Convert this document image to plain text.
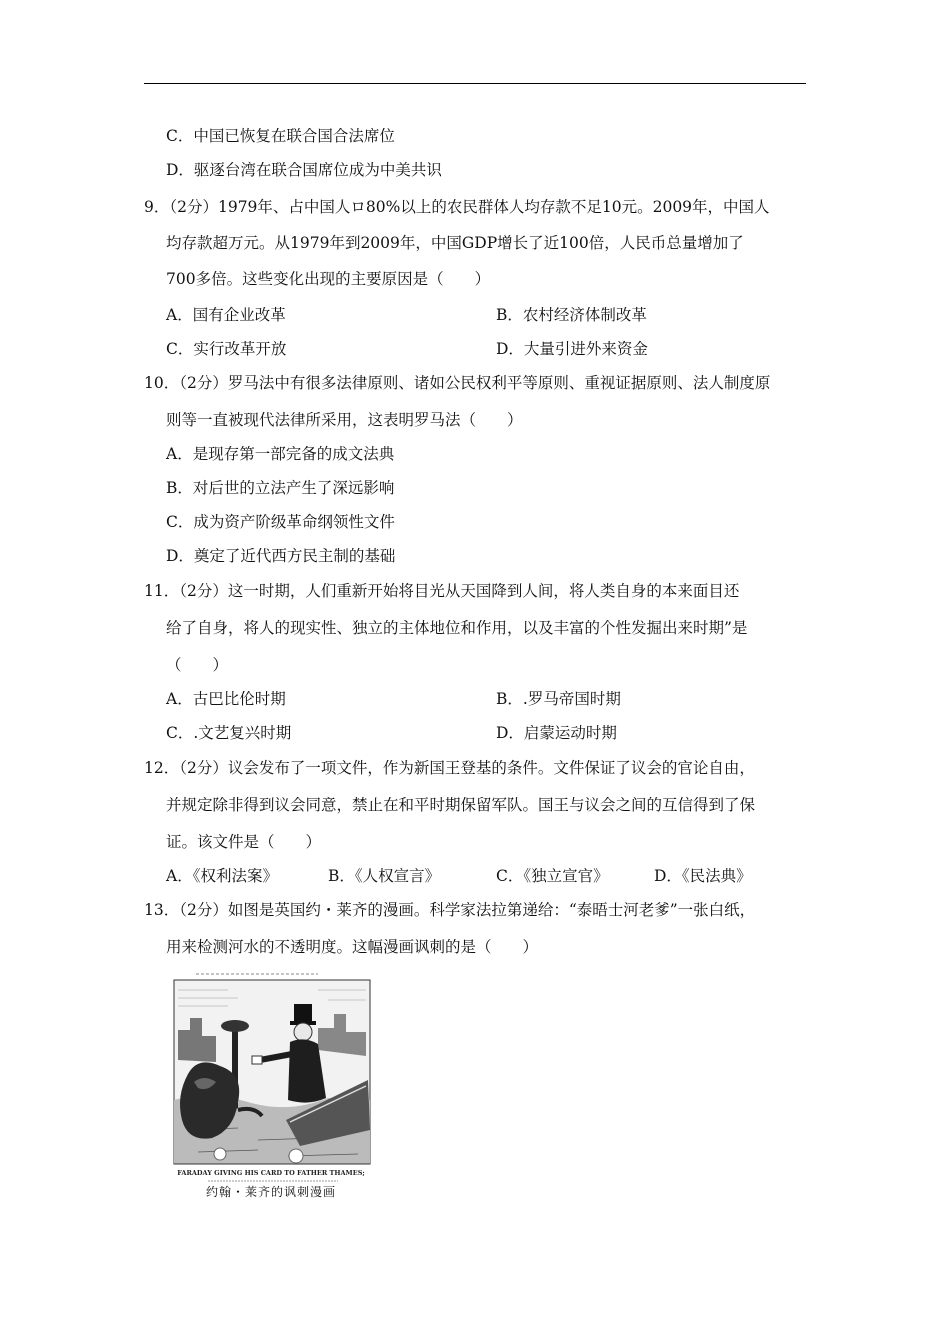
C．中国已恢复在联合国合法席位
D．驱逐台湾在联合国席位成为中美共识
9．（2分）1979年、占中国人ロ80%以上的农民群体人均存款不足10元。2009年，中国人
均存款超万元。从1979年到2009年，中国GDP增长了近100倍，人民币总量增加了
700多倍。这些变化出现的主要原因是（　　）
A．国有企业改革	B．农村经济体制改革
C．实行改革开放	D．大量引进外来资金
10．（2分）罗马法中有很多法律原则、诸如公民权利平等原则、重视证据原则、法人制度原
则等一直被现代法律所采用，这表明罗马法（　　）
A．是现存第一部完备的成文法典
B．对后世的立法产生了深远影响
C．成为资产阶级革命纲领性文件
D．奠定了近代西方民主制的基础
11．（2分）这一时期，人们重新开始将目光从天国降到人间，将人类自身的本来面目还
给了自身，将人的现实性、独立的主体地位和作用，以及丰富的个性发掘出来时期”是
（　　）
A．古巴比伦时期	B．.罗马帝国时期
C．.文艺复兴时期	D．启蒙运动时期
12．（2分）议会发布了一项文件，作为新国王登基的条件。文件保证了议会的官论自由，
并规定除非得到议会同意，禁止在和平时期保留军队。国王与议会之间的互信得到了保
证。该文件是（　　）
A．《权利法案》	B．《人权宣言》	C．《独立宣官》	D．《民法典》
13．（2分）如图是英国约・莱齐的漫画。科学家法拉第递给：“泰晤士河老爹”一张白纸，
用来检测河水的不透明度。这幅漫画讽刺的是（　　）
FARADAY GIVING HIS CARD TO FATHER THAMES;
约翰・莱齐的讽刺漫画
